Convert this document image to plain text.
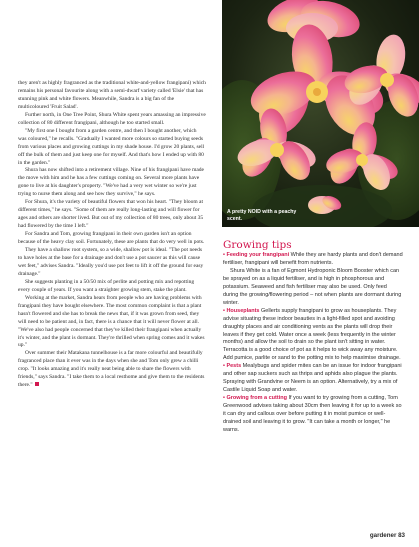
they aren't as highly fragranced as the traditional white-and-yellow frangipani) which remains his personal favourite along with a semi-dwarf variety called 'Elsie' that has stunning pink and white flowers. Meanwhile, Sandra is a big fan of the multicoloured 'Fruit Salad'.

Further north, in One Tree Point, Shura White spent years amassing an impressive collection of 80 different frangipani, although he too started small.

"My first one I bought from a garden centre, and then I bought another, which was coloured," he recalls. "Gradually I wanted more colours so started buying seeds from various places and growing cuttings in my shade house. I'd grow 20 plants, sell off the bulk of them and just keep one for myself. And that's how I ended up with 80 in the garden."

Shura has now shifted into a retirement village. Nine of his frangipani have made the move with him and he has a few cuttings coming on. Several more plants have gone to live at his daughter's property. "We've had a very wet winter so we're just trying to nurse them along and see how they survive," he says.

For Shura, it's the variety of beautiful flowers that won his heart. "They bloom at different times," he says. "Some of them are really long-lasting and will flower for ages and others are shorter lived. But out of my collection of 80 trees, only about 35 had flowered by the time I left."

For Sandra and Tom, growing frangipani in their own garden isn't an option because of the heavy clay soil. Fortunately, these are plants that do very well in pots.

They have a shallow root system, so a wide, shallow pot is ideal. "The pot needs to have holes at the base for a drainage and don't use a pot saucer as this will cause wet feet," advises Sandra. "Ideally you'd use pot feet to lift it off the ground for easy drainage."

She suggests planting in a 50/50 mix of perlite and potting mix and repotting every couple of years. If you want a straighter growing stem, stake the plant.

Working at the market, Sandra hears from people who are having problems with frangipani they have bought elsewhere. The most common complaint is that a plant hasn't flowered and she has to break the news that, if it was grown from seed, they will need to be patient and, in fact, there is a chance that it will never flower at all. "We've also had people concerned that they've killed their frangipani when actually it's winter, and the plant is dormant. They're thrilled when spring comes and it wakes up."

Over summer their Matakana tunnelhouse is a far more colourful and beautifully fragranced place than it ever was in the days when she and Tom only grew a chilli crop. "It looks amazing and it's really neat being able to share the flowers with friends," says Sandra. "I take them to a local resthome and give them to the residents there."

A pretty NOID with a peachy scent.
Growing tips

• Feeding your frangipani While they are hardy plants and don't demand fertiliser, frangipani will benefit from nutrients.

Shura White is a fan of Egmont Hydroponic Bloom Booster which can be sprayed on as a liquid fertiliser, and is high in phosphorous and potassium. Seaweed and fish fertiliser may also be used. Only feed during the growing/flowering period – not when plants are dormant during winter.

• Houseplants Gellerts supply frangipani to grow as houseplants. They advise situating these indoor beauties in a light-filled spot and avoiding draughty places and air conditioning vents as the plants will drop their leaves if they get cold. Water once a week (less frequently in the winter months) and allow the soil to drain so the plant isn't sitting in water. Terracotta is a good choice of pot as it helps to wick away any moisture. Add pumice, parlite or sand to the potting mix to help maximise drainage.

• Pests Mealybugs and spider mites can be an issue for indoor frangipani and other sap suckers such as thrips and aphids also plague the plants. Spraying with Grandvine or Neem is an option. Alternatively, try a mix of Castile Liquid Soap and water.

• Growing from a cutting If you want to try growing from a cutting, Tom Greenwood advises taking about 30cm then leaving it for up to a week so it can dry and callous over before putting it in moist pumice or well-drained soil and leaving it to grow. "It can take a month or longer," he warns.

gardener 83
